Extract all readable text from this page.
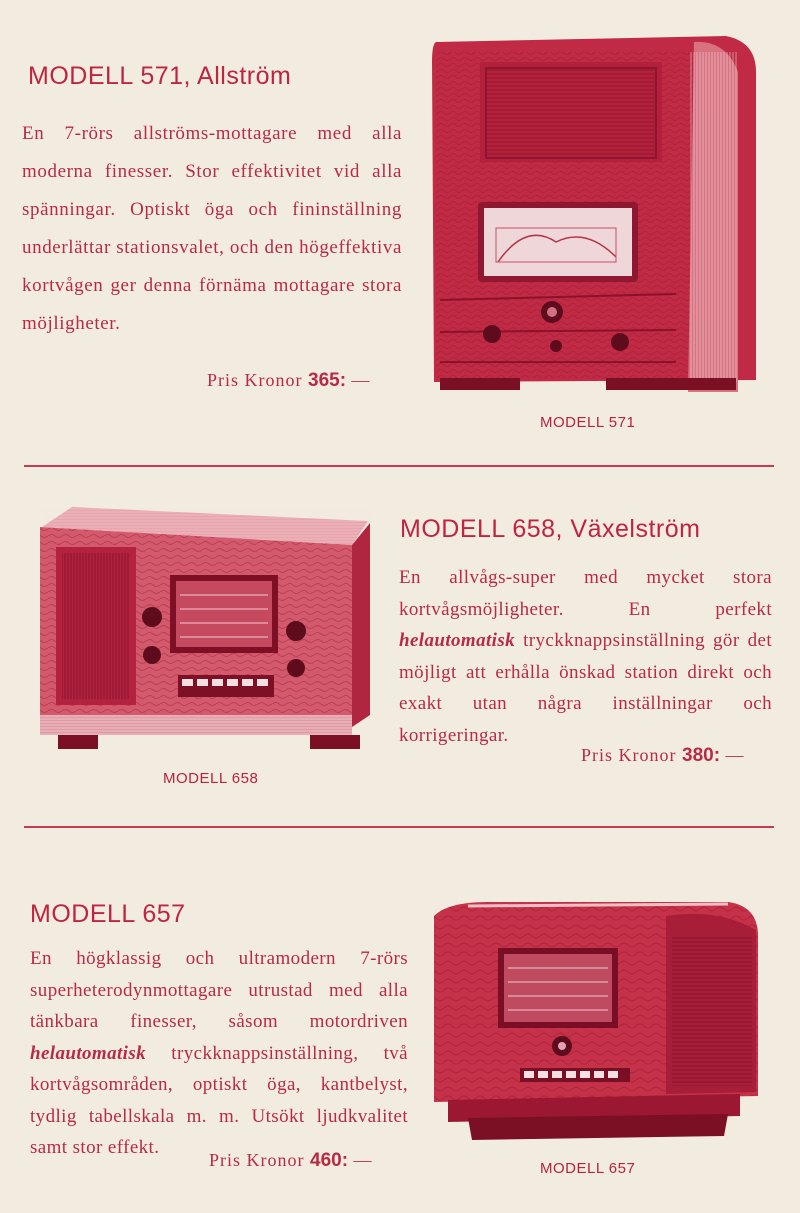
MODELL 571, Allström
En 7-rörs allströms-mottagare med alla moderna finesser. Stor effektivitet vid alla spänningar. Optiskt öga och fininställning underlättar stationsvalet, och den högeffektiva kortvågen ger denna förnäma mottagare stora möjligheter.
Pris Kronor 365: —
MODELL 571
MODELL 658
MODELL 658, Växelström
En allvågs-super med mycket stora kortvågsmöjligheter. En perfekt helautomatisk tryckknappsinställning gör det möjligt att erhålla önskad station direkt och exakt utan några inställningar och korrigeringar.
Pris Kronor 380: —
MODELL 657
En högklassig och ultramodern 7-rörs superheterodynmottagare utrustad med alla tänkbara finesser, såsom motordriven helautomatisk tryckknappsinställning, två kortvågsområden, optiskt öga, kantbelyst, tydlig tabellskala m. m. Utsökt ljudkvalitet samt stor effekt.
Pris Kronor 460: —	MODELL 657
